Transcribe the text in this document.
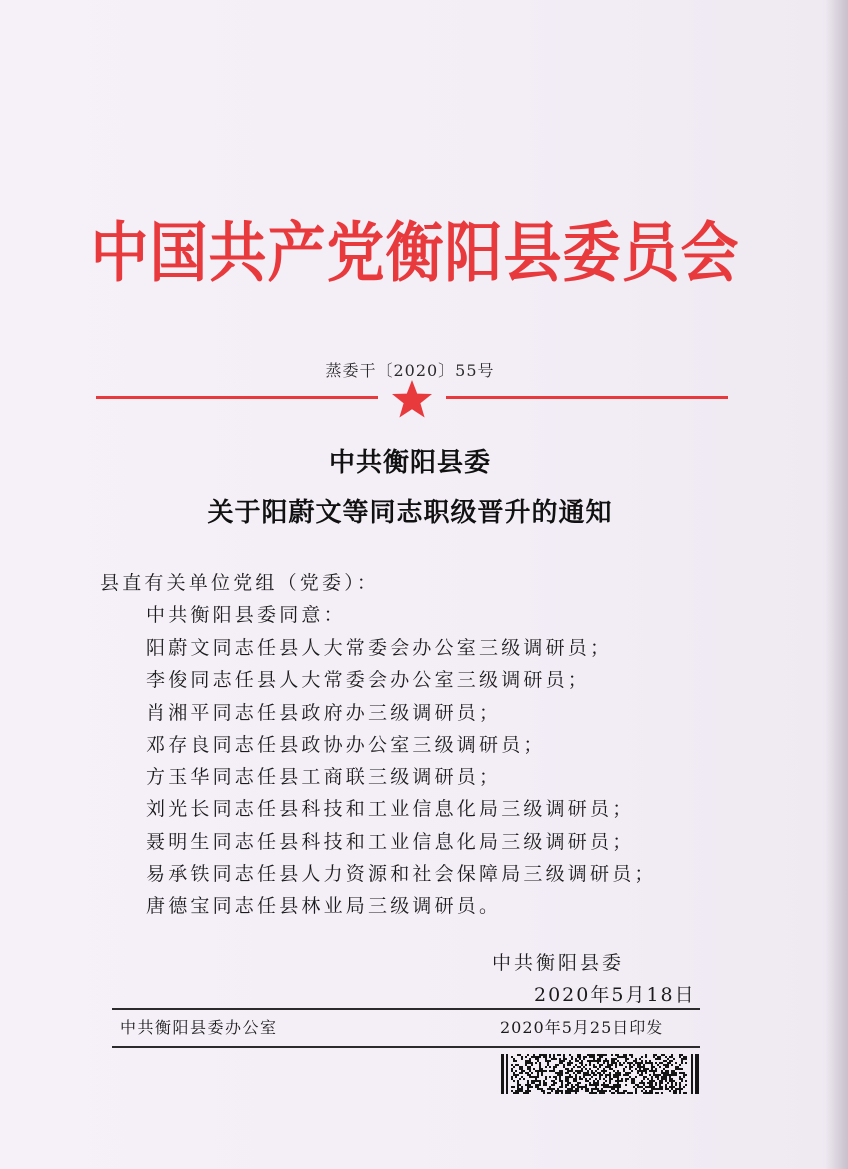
中国共产党衡阳县委员会
蒸委干〔2020〕55号
中共衡阳县委
关于阳蔚文等同志职级晋升的通知
县直有关单位党组（党委）：
中共衡阳县委同意：
阳蔚文同志任县人大常委会办公室三级调研员；
李俊同志任县人大常委会办公室三级调研员；
肖湘平同志任县政府办三级调研员；
邓存良同志任县政协办公室三级调研员；
方玉华同志任县工商联三级调研员；
刘光长同志任县科技和工业信息化局三级调研员；
聂明生同志任县科技和工业信息化局三级调研员；
易承铁同志任县人力资源和社会保障局三级调研员；
唐德宝同志任县林业局三级调研员。
中共衡阳县委
2020年5月18日
中共衡阳县委办公室	2020年5月25日印发
